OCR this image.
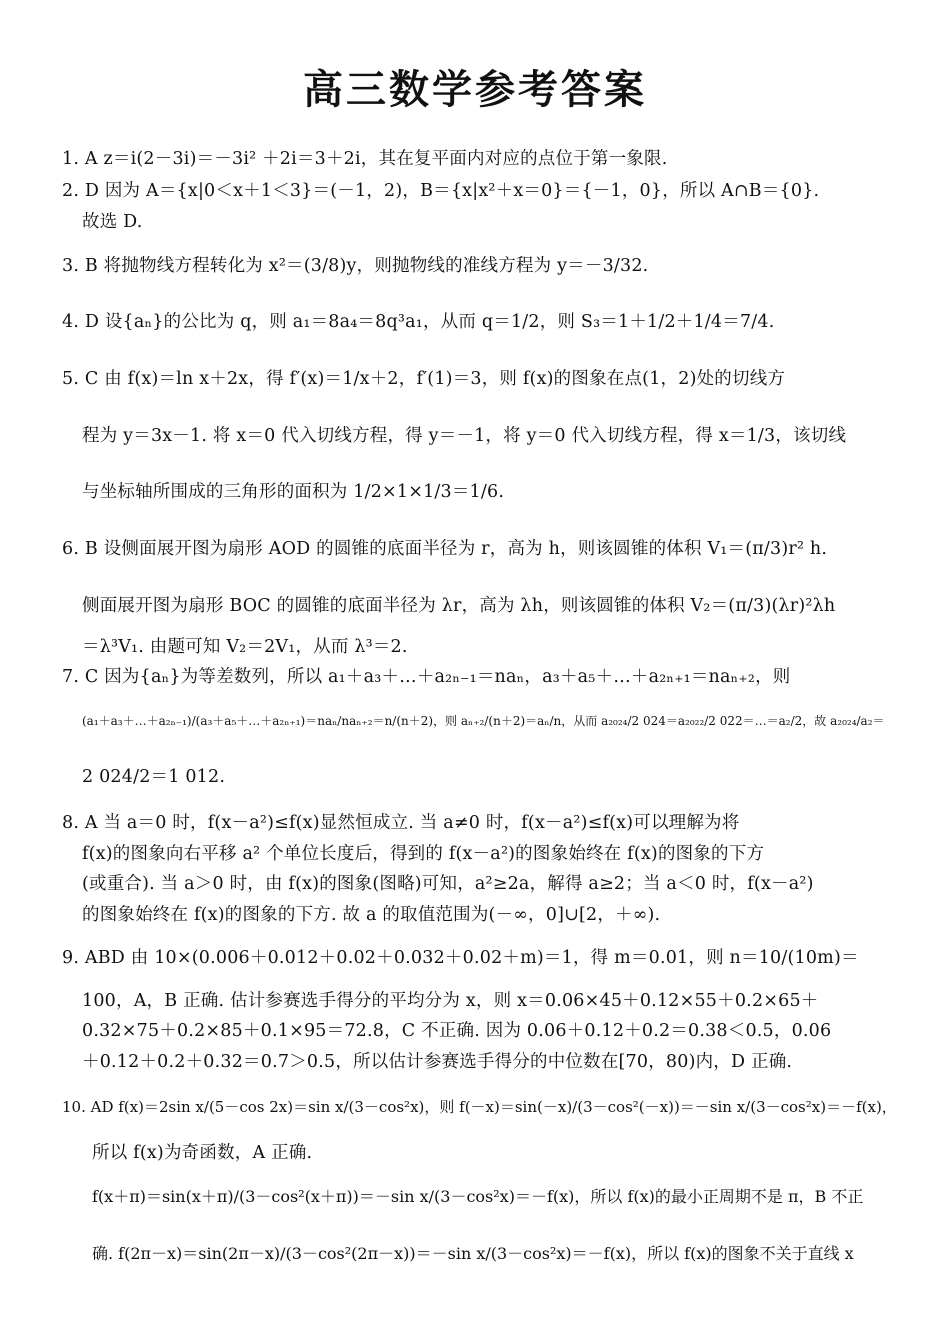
高三数学参考答案
1. A z＝i(2－3i)＝－3i² ＋2i＝3＋2i，其在复平面内对应的点位于第一象限.
2. D 因为 A＝{x|0＜x＋1＜3}＝(－1，2)，B＝{x|x²＋x＝0}＝{－1，0}，所以 A∩B＝{0}.
故选 D.
3. B 将抛物线方程转化为 x²＝(3/8)y，则抛物线的准线方程为 y＝－3/32.
4. D 设{aₙ}的公比为 q，则 a₁＝8a₄＝8q³a₁，从而 q＝1/2，则 S₃＝1＋1/2＋1/4＝7/4.
5. C 由 f(x)＝ln x＋2x，得 f′(x)＝1/x＋2，f′(1)＝3，则 f(x)的图象在点(1，2)处的切线方
程为 y＝3x－1. 将 x＝0 代入切线方程，得 y＝－1，将 y＝0 代入切线方程，得 x＝1/3，该切线
与坐标轴所围成的三角形的面积为 1/2×1×1/3＝1/6.
6. B 设侧面展开图为扇形 AOD 的圆锥的底面半径为 r，高为 h，则该圆锥的体积 V₁＝(π/3)r² h.
侧面展开图为扇形 BOC 的圆锥的底面半径为 λr，高为 λh，则该圆锥的体积 V₂＝(π/3)(λr)²λh
＝λ³V₁. 由题可知 V₂＝2V₁，从而 λ³＝2.
7. C 因为{aₙ}为等差数列，所以 a₁＋a₃＋…＋a₂ₙ₋₁＝naₙ，a₃＋a₅＋…＋a₂ₙ₊₁＝naₙ₊₂，则
(a₁＋a₃＋…＋a₂ₙ₋₁)/(a₃＋a₅＋…＋a₂ₙ₊₁)＝naₙ/naₙ₊₂＝n/(n＋2)，则 aₙ₊₂/(n＋2)＝aₙ/n，从而 a₂₀₂₄/2 024＝a₂₀₂₂/2 022＝…＝a₂/2，故 a₂₀₂₄/a₂＝
2 024/2＝1 012.
8. A 当 a＝0 时，f(x－a²)≤f(x)显然恒成立. 当 a≠0 时，f(x－a²)≤f(x)可以理解为将
f(x)的图象向右平移 a² 个单位长度后，得到的 f(x－a²)的图象始终在 f(x)的图象的下方
(或重合). 当 a＞0 时，由 f(x)的图象(图略)可知，a²≥2a，解得 a≥2；当 a＜0 时，f(x－a²)
的图象始终在 f(x)的图象的下方. 故 a 的取值范围为(－∞，0]∪[2，＋∞).
9. ABD 由 10×(0.006＋0.012＋0.02＋0.032＋0.02＋m)＝1，得 m＝0.01，则 n＝10/(10m)＝
100，A，B 正确. 估计参赛选手得分的平均分为 x，则 x＝0.06×45＋0.12×55＋0.2×65＋
0.32×75＋0.2×85＋0.1×95＝72.8，C 不正确. 因为 0.06＋0.12＋0.2＝0.38＜0.5，0.06
＋0.12＋0.2＋0.32＝0.7＞0.5，所以估计参赛选手得分的中位数在[70，80)内，D 正确.
10. AD f(x)＝2sin x/(5－cos 2x)＝sin x/(3－cos²x)，则 f(－x)＝sin(－x)/(3－cos²(－x))＝－sin x/(3－cos²x)＝－f(x)，
所以 f(x)为奇函数，A 正确.
f(x＋π)＝sin(x＋π)/(3－cos²(x＋π))＝－sin x/(3－cos²x)＝－f(x)，所以 f(x)的最小正周期不是 π，B 不正
确. f(2π－x)＝sin(2π－x)/(3－cos²(2π－x))＝－sin x/(3－cos²x)＝－f(x)，所以 f(x)的图象不关于直线 x
